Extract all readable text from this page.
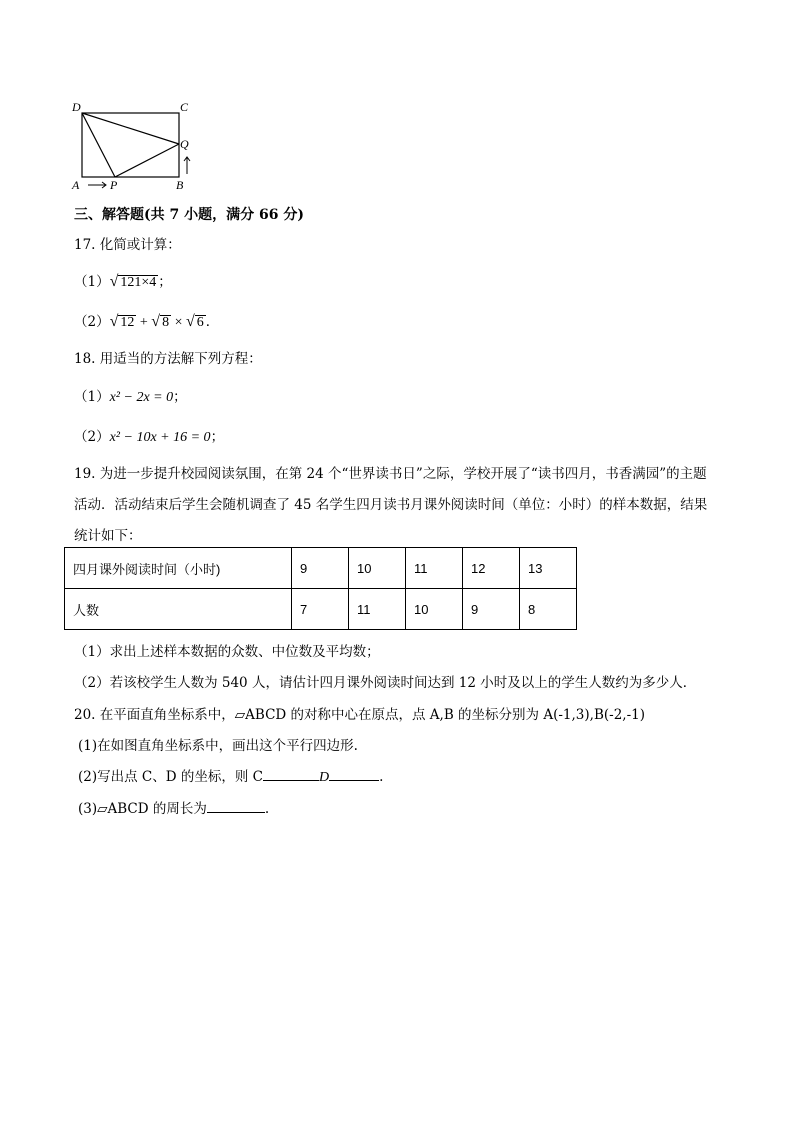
D	C
Q
A	P	B
三、解答题(共 7 小题，满分 66 分)
17. 化简或计算：
（1）√ 121×4 ；
（2）√ 12 + √ 8 × √ 6 ．
18. 用适当的方法解下列方程：
（1）x² − 2x = 0；
（2）x² − 10x + 16 = 0；
19. 为进一步提升校园阅读氛围，在第 24 个“世界读书日”之际，学校开展了“读书四月，书香满园”的主题
活动．活动结束后学生会随机调查了 45 名学生四月读书月课外阅读时间（单位：小时）的样本数据，结果
统计如下：
四月课外阅读时间（小时)	9	10	11	12	13
人数	7	11	10	9	8
（1）求出上述样本数据的众数、中位数及平均数；
（2）若该校学生人数为 540 人，请估计四月课外阅读时间达到 12 小时及以上的学生人数约为多少人．
20. 在平面直角坐标系中，▱ABCD 的对称中心在原点，点 A,B 的坐标分别为 A(-1,3),B(-2,-1)
(1)在如图直角坐标系中，画出这个平行四边形.
(2)写出点 C、D 的坐标，则 C	D	.
(3)▱ABCD 的周长为	.
